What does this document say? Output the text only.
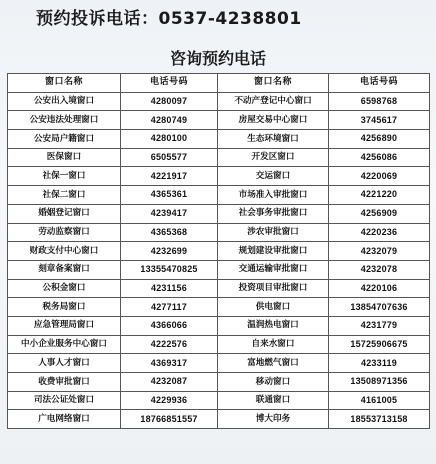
预约投诉电话：0537-4238801
咨询预约电话
窗口名称	电话号码	窗口名称	电话号码
公安出入境窗口	4280097	不动产登记中心窗口	6598768
公安违法处理窗口	4280749	房屋交易中心窗口	3745617
公安局户籍窗口	4280100	生态环境窗口	4256890
医保窗口	6505577	开发区窗口	4256086
社保一窗口	4221917	交运窗口	4220069
社保二窗口	4365361	市场准入审批窗口	4221220
婚姻登记窗口	4239417	社会事务审批窗口	4256909
劳动监察窗口	4365368	涉农审批窗口	4220236
财政支付中心窗口	4232699	规划建设审批窗口	4232079
刻章备案窗口	13355470825	交通运输审批窗口	4232078
公积金窗口	4231156	投资项目审批窗口	4220106
税务局窗口	4277117	供电窗口	13854707636
应急管理局窗口	4366066	温润热电窗口	4231779
中小企业服务中心窗口	4222576	自来水窗口	15725906675
人事人才窗口	4369317	富地燃气窗口	4233119
收费审批窗口	4232087	移动窗口	13508971356
司法公证处窗口	4229936	联通窗口	4161005
广电网络窗口	18766851557	博大印务	18553713158
